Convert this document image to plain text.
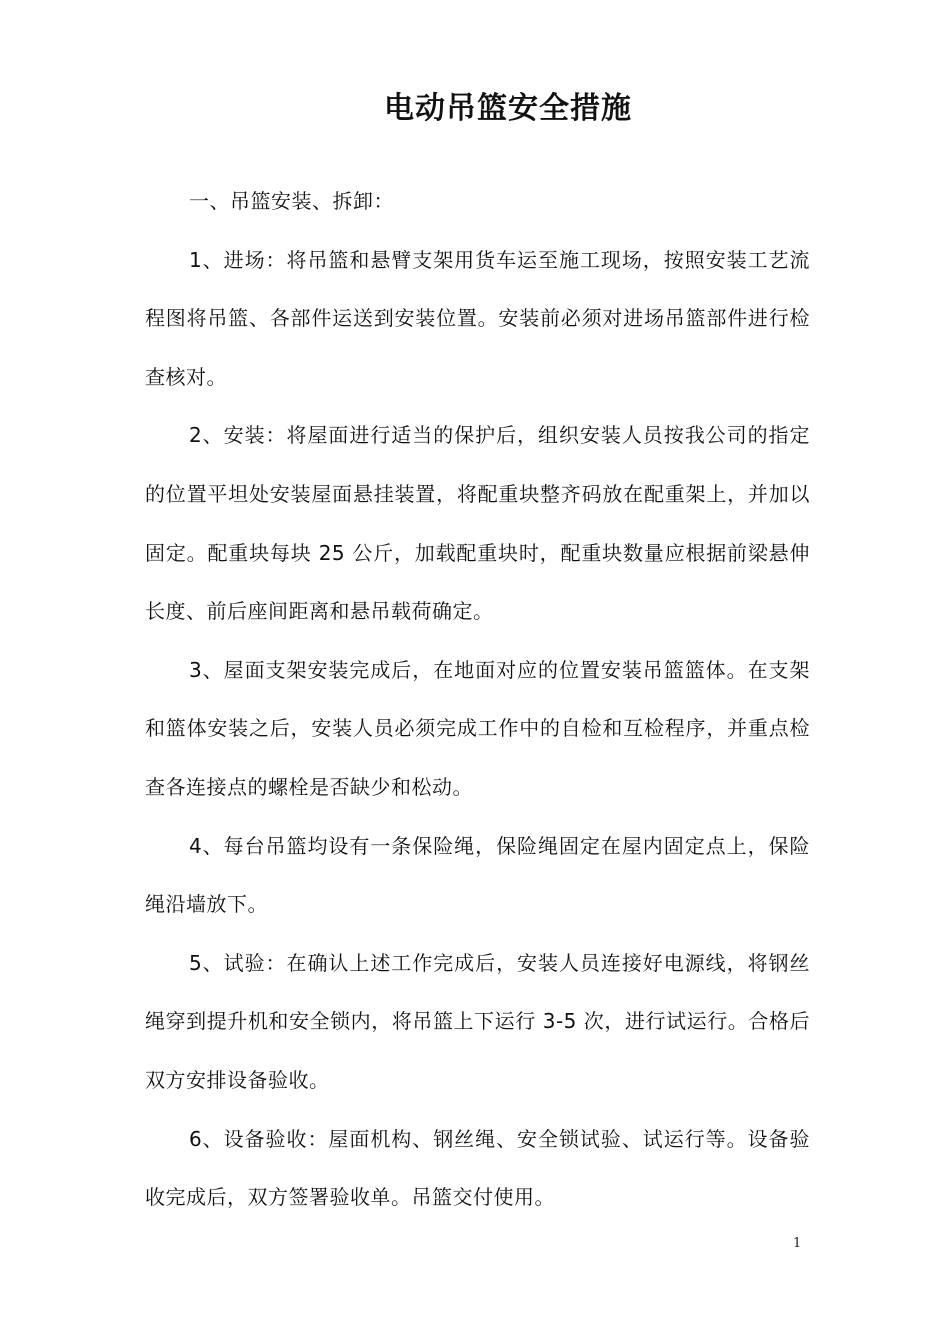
电动吊篮安全措施

一、吊篮安装、拆卸：

1、进场：将吊篮和悬臂支架用货车运至施工现场，按照安装工艺流程图将吊篮、各部件运送到安装位置。安装前必须对进场吊篮部件进行检查核对。

2、安装：将屋面进行适当的保护后，组织安装人员按我公司的指定的位置平坦处安装屋面悬挂装置，将配重块整齐码放在配重架上，并加以固定。配重块每块 25 公斤，加载配重块时，配重块数量应根据前梁悬伸长度、前后座间距离和悬吊载荷确定。

3、屋面支架安装完成后，在地面对应的位置安装吊篮篮体。在支架和篮体安装之后，安装人员必须完成工作中的自检和互检程序，并重点检查各连接点的螺栓是否缺少和松动。

4、每台吊篮均设有一条保险绳，保险绳固定在屋内固定点上，保险绳沿墙放下。

5、试验：在确认上述工作完成后，安装人员连接好电源线，将钢丝绳穿到提升机和安全锁内，将吊篮上下运行 3-5 次，进行试运行。合格后双方安排设备验收。

6、设备验收：屋面机构、钢丝绳、安全锁试验、试运行等。设备验收完成后，双方签署验收单。吊篮交付使用。

1
